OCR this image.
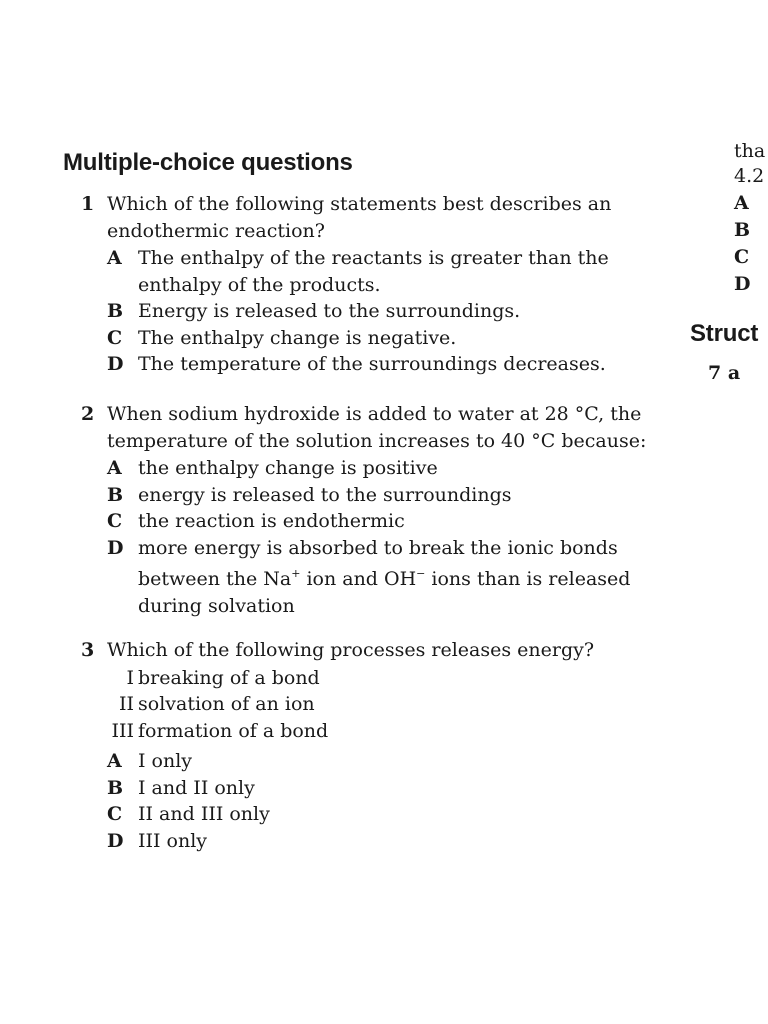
Multiple-choice questions
1 Which of the following statements best describes an
endothermic reaction?
A The enthalpy of the reactants is greater than the
enthalpy of the products.
B Energy is released to the surroundings.
C The enthalpy change is negative.
D The temperature of the surroundings decreases.
2 When sodium hydroxide is added to water at 28 °C, the
temperature of the solution increases to 40 °C because:
A the enthalpy change is positive
B energy is released to the surroundings
C the reaction is endothermic
D more energy is absorbed to break the ionic bonds
between the Na+ ion and OH− ions than is released
during solvation
3 Which of the following processes releases energy?
I breaking of a bond
II solvation of an ion
III formation of a bond
A I only
B I and II only
C II and III only
D III only
tha
4.2
A
B
C
D
Struct
7 a
